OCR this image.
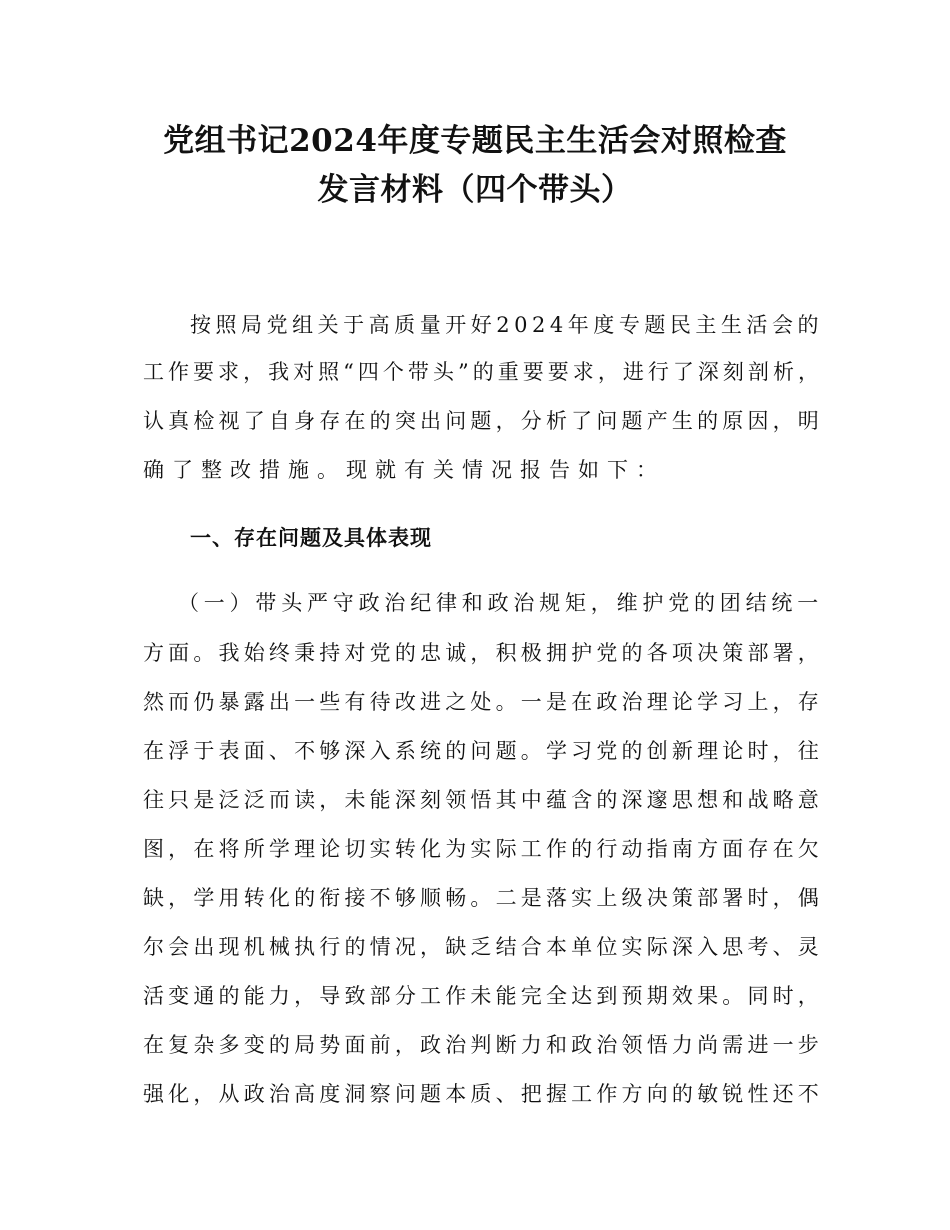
党组书记2024年度专题民主生活会对照检查
发言材料（四个带头）
按照局党组关于高质量开好2024年度专题民主生活会的
工作要求，我对照“四个带头”的重要要求，进行了深刻剖析，
认真检视了自身存在的突出问题，分析了问题产生的原因，明
确了整改措施。现就有关情况报告如下：
一、存在问题及具体表现
（一）带头严守政治纪律和政治规矩，维护党的团结统一
方面。我始终秉持对党的忠诚，积极拥护党的各项决策部署，
然而仍暴露出一些有待改进之处。一是在政治理论学习上，存
在浮于表面、不够深入系统的问题。学习党的创新理论时，往
往只是泛泛而读，未能深刻领悟其中蕴含的深邃思想和战略意
图，在将所学理论切实转化为实际工作的行动指南方面存在欠
缺，学用转化的衔接不够顺畅。二是落实上级决策部署时，偶
尔会出现机械执行的情况，缺乏结合本单位实际深入思考、灵
活变通的能力，导致部分工作未能完全达到预期效果。同时，
在复杂多变的局势面前，政治判断力和政治领悟力尚需进一步
强化，从政治高度洞察问题本质、把握工作方向的敏锐性还不
